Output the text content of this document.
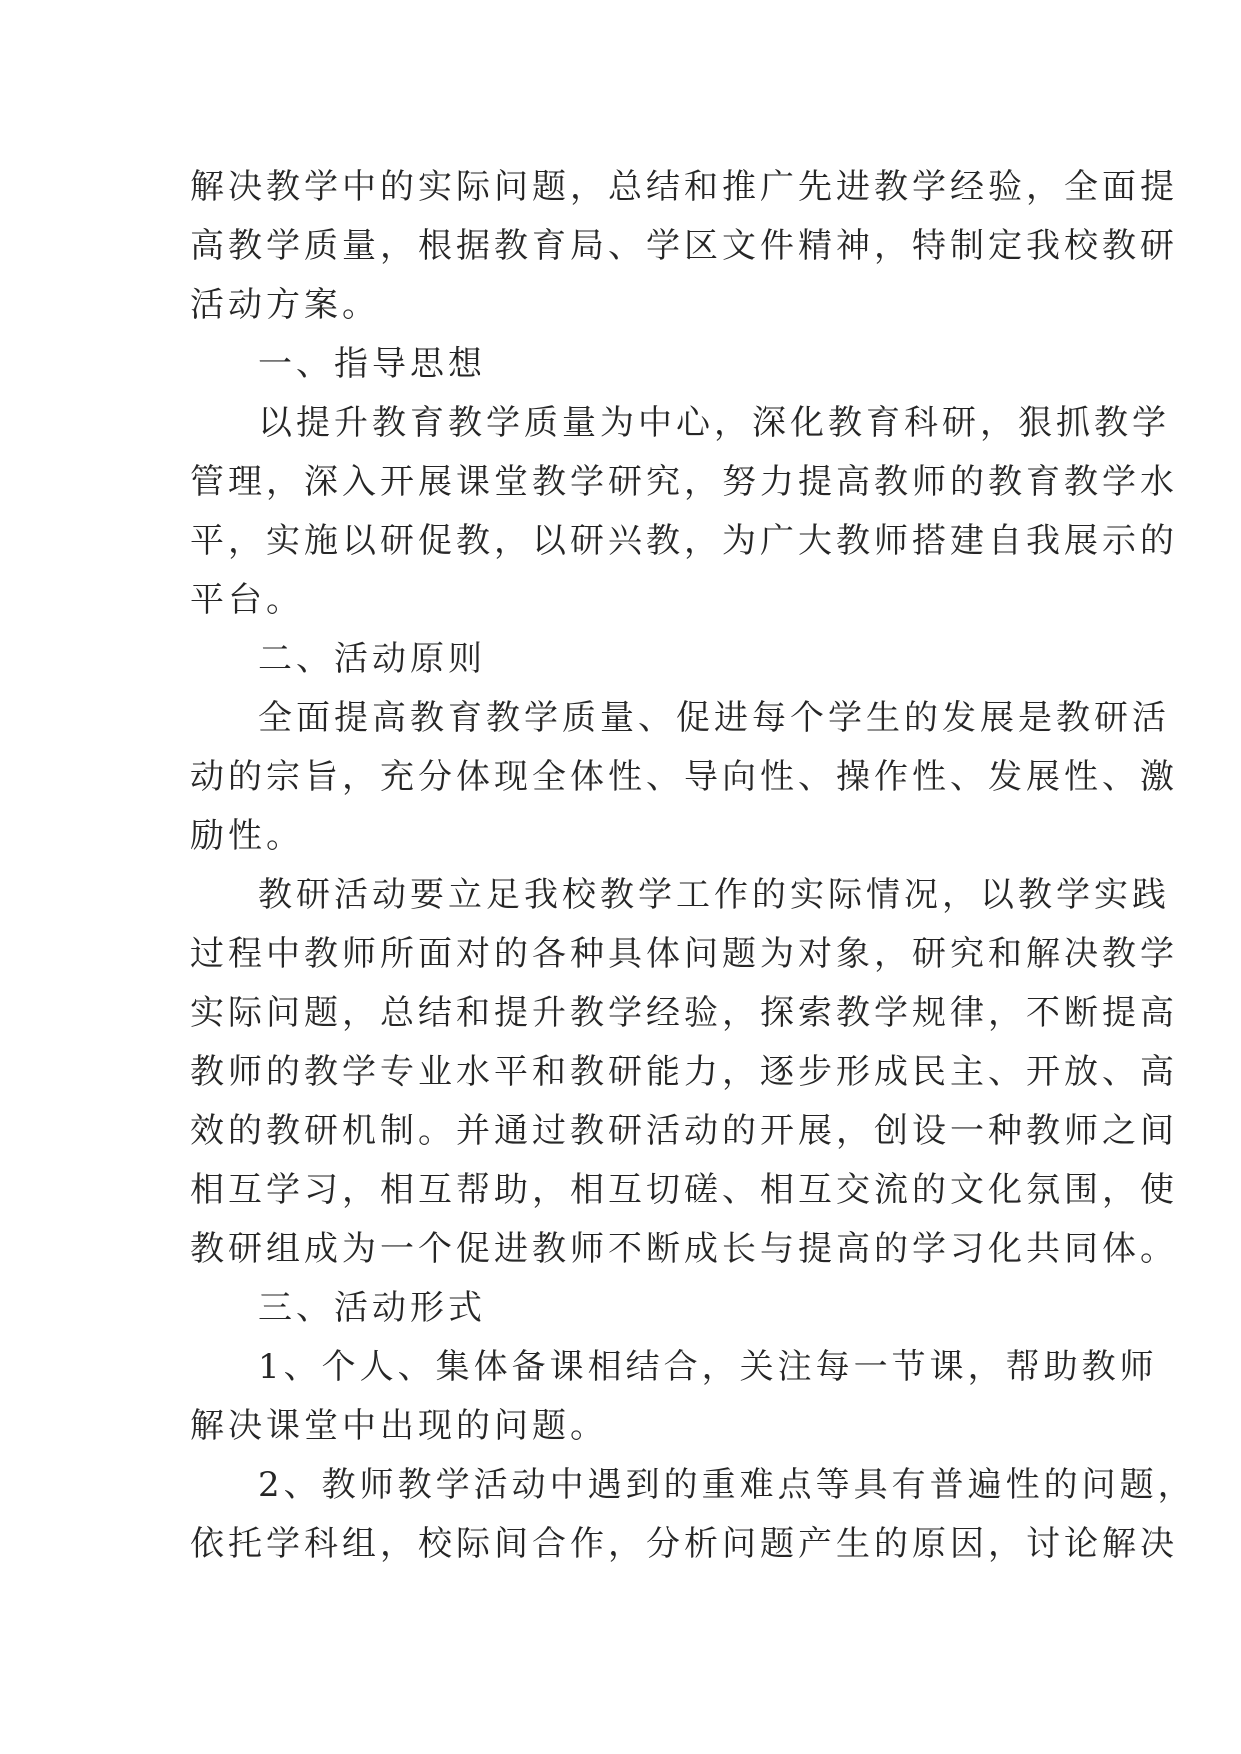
解决教学中的实际问题，总结和推广先进教学经验，全面提
高教学质量，根据教育局、学区文件精神，特制定我校教研
活动方案。
一、指导思想
以提升教育教学质量为中心，深化教育科研，狠抓教学
管理，深入开展课堂教学研究，努力提高教师的教育教学水
平，实施以研促教，以研兴教，为广大教师搭建自我展示的
平台。
二、活动原则
全面提高教育教学质量、促进每个学生的发展是教研活
动的宗旨，充分体现全体性、导向性、操作性、发展性、激
励性。
教研活动要立足我校教学工作的实际情况，以教学实践
过程中教师所面对的各种具体问题为对象，研究和解决教学
实际问题，总结和提升教学经验，探索教学规律，不断提高
教师的教学专业水平和教研能力，逐步形成民主、开放、高
效的教研机制。并通过教研活动的开展，创设一种教师之间
相互学习，相互帮助，相互切磋、相互交流的文化氛围，使
教研组成为一个促进教师不断成长与提高的学习化共同体。
三、活动形式
1、个人、集体备课相结合，关注每一节课，帮助教师
解决课堂中出现的问题。
2、教师教学活动中遇到的重难点等具有普遍性的问题，
依托学科组，校际间合作，分析问题产生的原因，讨论解决
